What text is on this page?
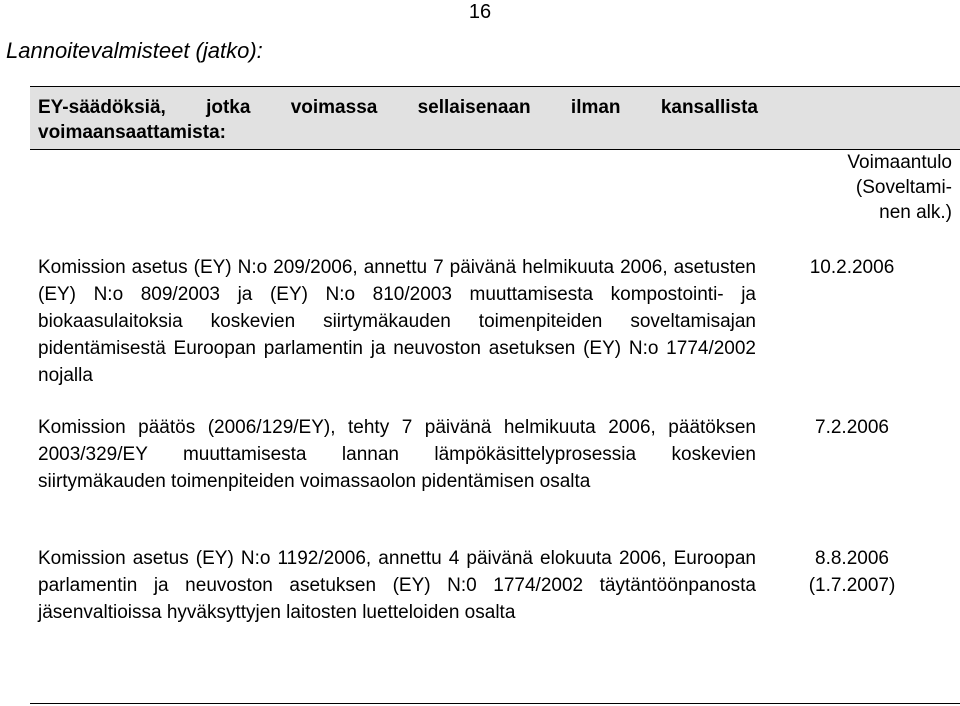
16
Lannoitevalmisteet (jatko):
EY-säädöksiä, jotka voimassa sellaisenaan ilman kansallista voimaansaattamista:
Voimaantulo
(Soveltami-
nen alk.)
Komission asetus (EY) N:o 209/2006, annettu 7 päivänä helmikuuta 2006, asetusten (EY) N:o 809/2003 ja (EY) N:o 810/2003 muuttamisesta kompostointi- ja biokaasulaitoksia koskevien siirtymäkauden toimenpiteiden soveltamisajan pidentämisestä Euroopan parlamentin ja neuvoston asetuksen (EY) N:o 1774/2002 nojalla
10.2.2006
Komission päätös (2006/129/EY), tehty 7 päivänä helmikuuta 2006, päätöksen 2003/329/EY muuttamisesta lannan lämpökäsittelyprosessia koskevien siirtymäkauden toimenpiteiden voimassaolon pidentämisen osalta
7.2.2006
Komission asetus (EY) N:o 1192/2006, annettu 4 päivänä elokuuta 2006, Euroopan parlamentin ja neuvoston asetuksen (EY) N:0 1774/2002 täytäntöönpanosta jäsenvaltioissa hyväksyttyjen laitosten luetteloiden osalta
8.8.2006
(1.7.2007)
